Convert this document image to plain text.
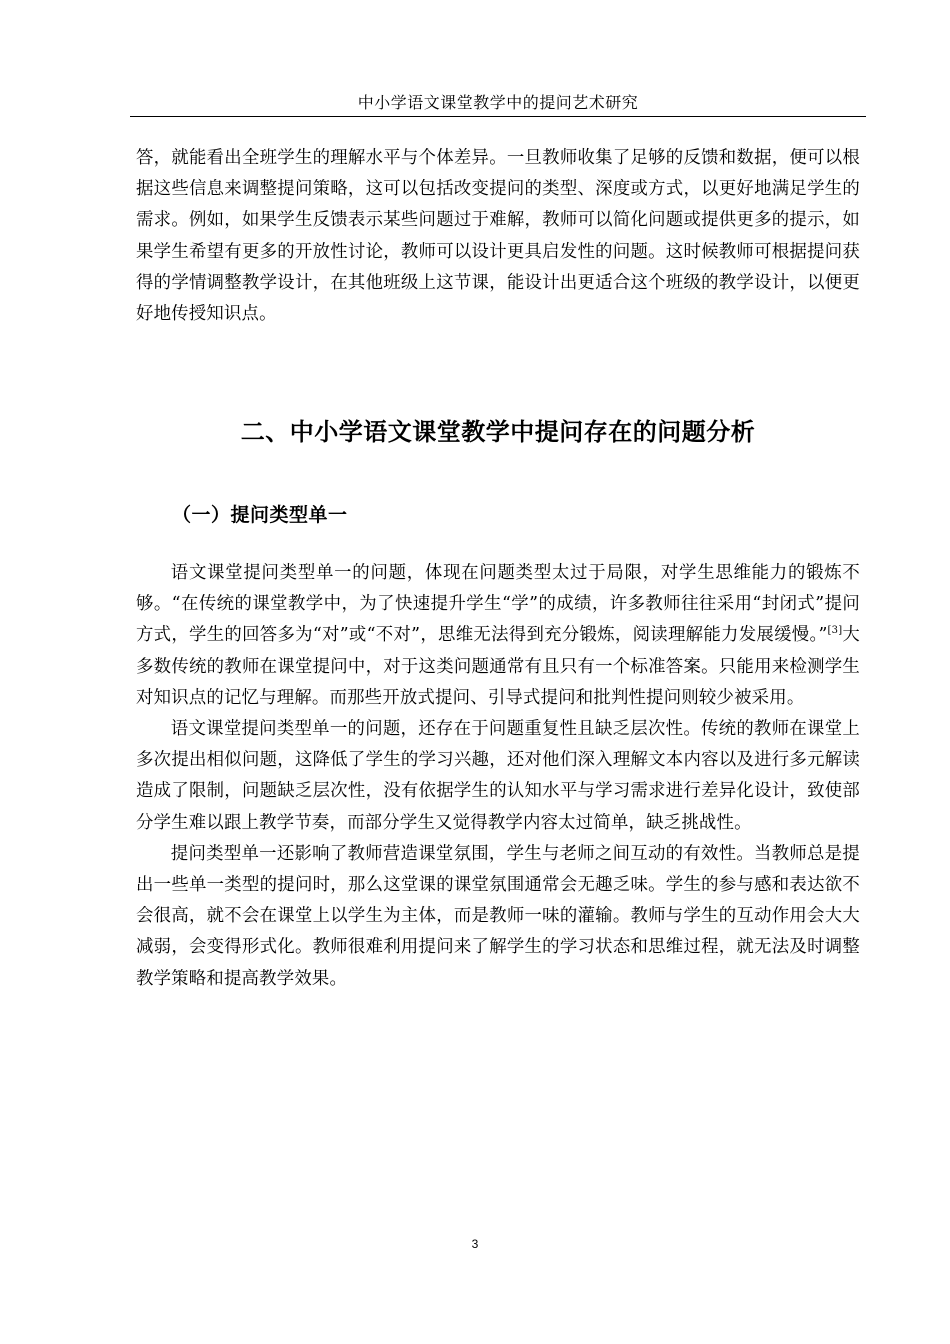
中小学语文课堂教学中的提问艺术研究

答，就能看出全班学生的理解水平与个体差异。一旦教师收集了足够的反馈和数据，便可以根据这些信息来调整提问策略，这可以包括改变提问的类型、深度或方式，以更好地满足学生的需求。例如，如果学生反馈表示某些问题过于难解，教师可以简化问题或提供更多的提示，如果学生希望有更多的开放性讨论，教师可以设计更具启发性的问题。这时候教师可根据提问获得的学情调整教学设计，在其他班级上这节课，能设计出更适合这个班级的教学设计，以便更好地传授知识点。

二、中小学语文课堂教学中提问存在的问题分析
（一）提问类型单一

语文课堂提问类型单一的问题，体现在问题类型太过于局限，对学生思维能力的锻炼不够。“在传统的课堂教学中，为了快速提升学生“学”的成绩，许多教师往往采用“封闭式”提问方式，学生的回答多为“对”或“不对”，思维无法得到充分锻炼，阅读理解能力发展缓慢。”[3]大多数传统的教师在课堂提问中，对于这类问题通常有且只有一个标准答案。只能用来检测学生对知识点的记忆与理解。而那些开放式提问、引导式提问和批判性提问则较少被采用。

语文课堂提问类型单一的问题，还存在于问题重复性且缺乏层次性。传统的教师在课堂上多次提出相似问题，这降低了学生的学习兴趣，还对他们深入理解文本内容以及进行多元解读造成了限制，问题缺乏层次性，没有依据学生的认知水平与学习需求进行差异化设计，致使部分学生难以跟上教学节奏，而部分学生又觉得教学内容太过简单，缺乏挑战性。

提问类型单一还影响了教师营造课堂氛围，学生与老师之间互动的有效性。当教师总是提出一些单一类型的提问时，那么这堂课的课堂氛围通常会无趣乏味。学生的参与感和表达欲不会很高，就不会在课堂上以学生为主体，而是教师一味的灌输。教师与学生的互动作用会大大减弱，会变得形式化。教师很难利用提问来了解学生的学习状态和思维过程，就无法及时调整教学策略和提高教学效果。

3
